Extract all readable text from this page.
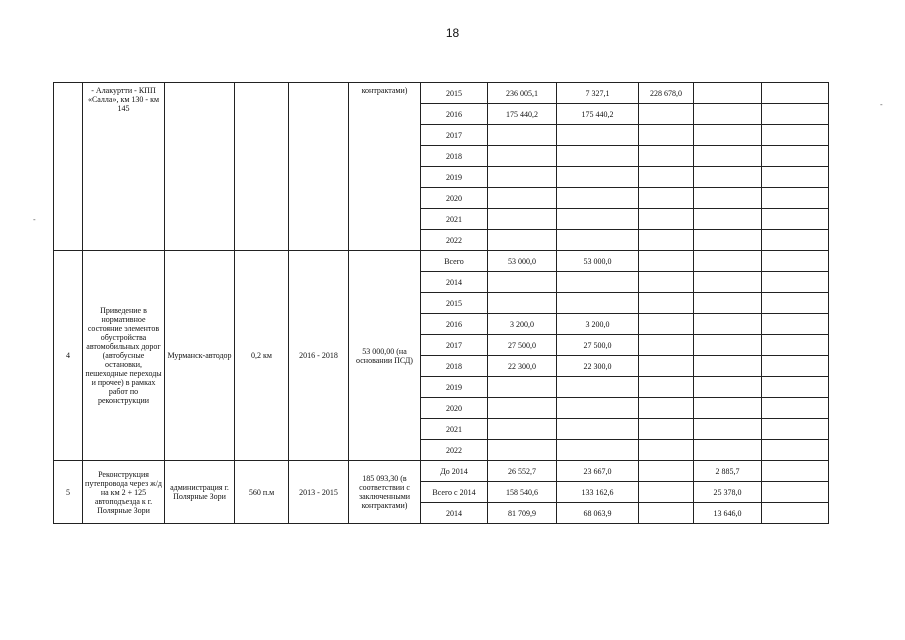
18
	- Алакуртти - КПП «Салла», км 130 - км 145				контрактами)	2015	236 005,1	7 327,1	228 678,0		
						2016	175 440,2	175 440,2			
						2017					
						2018					
						2019					
						2020					
						2021					
						2022					
4	Приведение в нормативное состояние элементов обустройства автомобильных дорог (автобусные остановки, пешеходные переходы и прочее) в рамках работ по реконструкции	Мурманск-автодор	0,2 км	2016 - 2018	53 000,00 (на основании ПСД)	Всего	53 000,0	53 000,0			
						2014					
						2015					
						2016	3 200,0	3 200,0			
						2017	27 500,0	27 500,0			
						2018	22 300,0	22 300,0			
						2019					
						2020					
						2021					
						2022					
5	Реконструкция путепровода через ж/д на км 2 + 125 автоподъезда к г. Полярные Зори	администрация г. Полярные Зори	560 п.м	2013 - 2015	185 093,30 (в соответствии с заключенными контрактами)	До 2014	26 552,7	23 667,0		2 885,7	
						Всего с 2014	158 540,6	133 162,6		25 378,0	
						2014	81 709,9	68 063,9		13 646,0	
-
-
